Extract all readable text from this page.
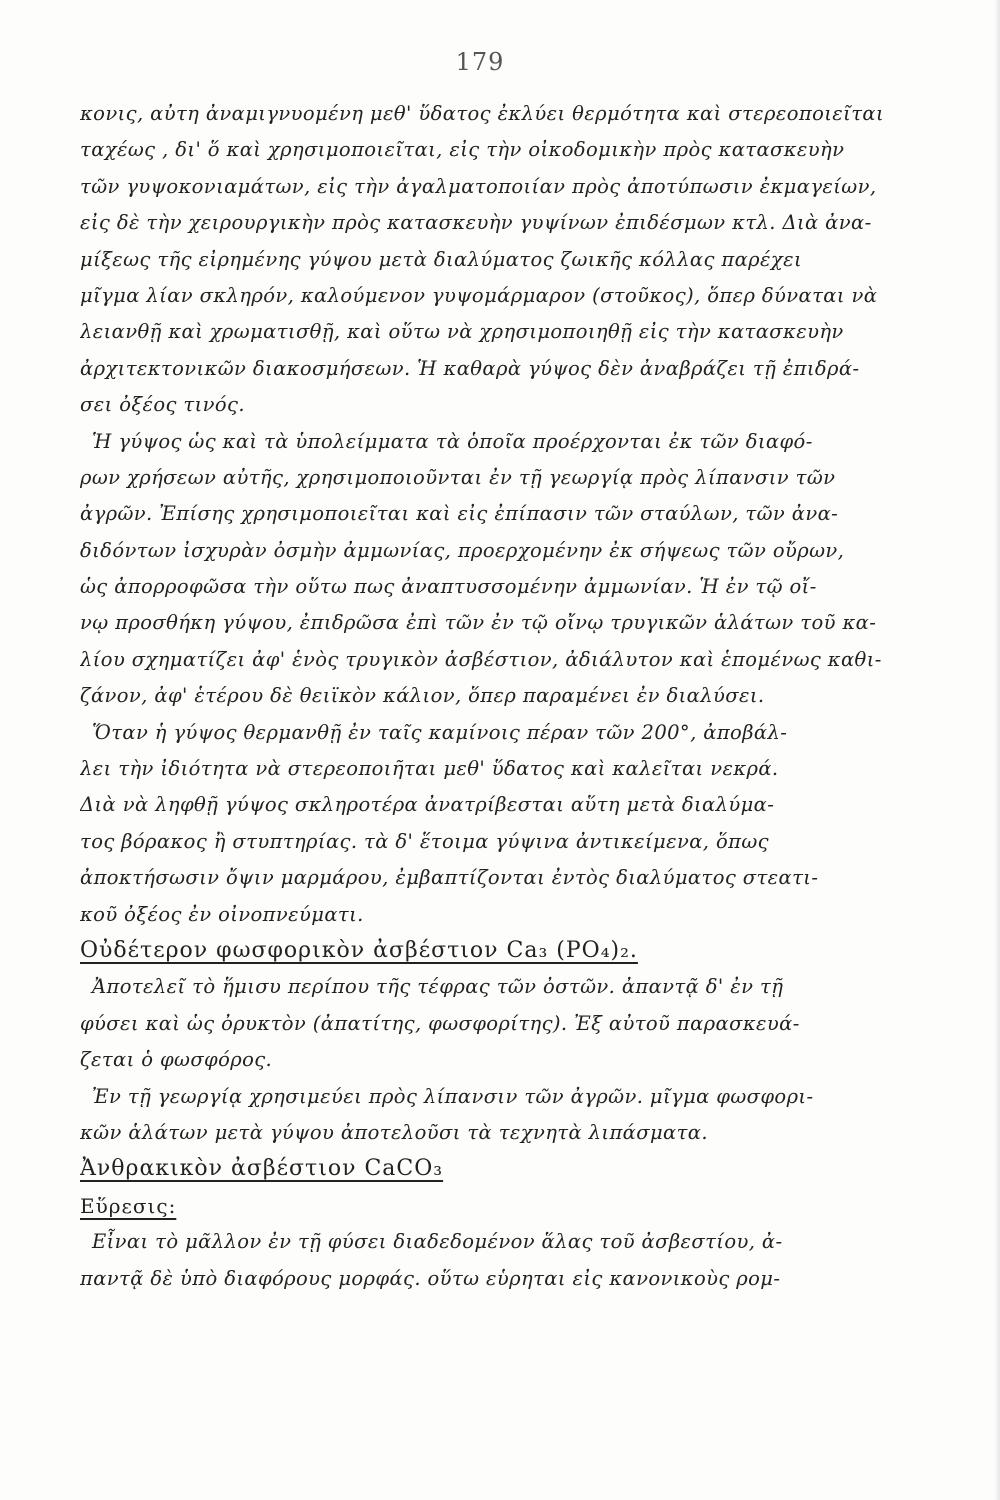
179
κονις, αὐτη ἀναμιγνυομένη μεθ' ὕδατος ἐκλύει θερμότητα καὶ στερεοποιεῖται
ταχέως , δι' ὅ καὶ χρησιμοποιεῖται, εἰς τὴν οἰκοδομικὴν πρὸς κατασκευὴν
τῶν γυψοκονιαμάτων, εἰς τὴν ἀγαλματοποιίαν πρὸς ἀποτύπωσιν ἐκμαγείων,
εἰς δὲ τὴν χειρουργικὴν πρὸς κατασκευὴν γυψίνων ἐπιδέσμων κτλ. Διὰ ἀνα-
μίξεως τῆς εἰρημένης γύψου μετὰ διαλύματος ζωικῆς κόλλας παρέχει
μῖγμα λίαν σκληρόν, καλούμενον γυψομάρμαρον (στοῦκος), ὅπερ δύναται νὰ
λειανθῇ καὶ χρωματισθῇ, καὶ οὕτω νὰ χρησιμοποιηθῇ εἰς τὴν κατασκευὴν
ἀρχιτεκτονικῶν διακοσμήσεων. Ἡ καθαρὰ γύψος δὲν ἀναβράζει τῇ ἐπιδρά-
σει ὀξέος τινός.
Ἡ γύψος ὡς καὶ τὰ ὑπολείμματα τὰ ὁποῖα προέρχονται ἐκ τῶν διαφό-
ρων χρήσεων αὐτῆς, χρησιμοποιοῦνται ἐν τῇ γεωργίᾳ πρὸς λίπανσιν τῶν
ἀγρῶν. Ἐπίσης χρησιμοποιεῖται καὶ εἰς ἐπίπασιν τῶν σταύλων, τῶν ἀνα-
διδόντων ἰσχυρὰν ὀσμὴν ἀμμωνίας, προερχομένην ἐκ σήψεως τῶν οὔρων,
ὡς ἀπορροφῶσα τὴν οὕτω πως ἀναπτυσσομένην ἀμμωνίαν. Ἡ ἐν τῷ οἴ-
νῳ προσθήκη γύψου, ἐπιδρῶσα ἐπὶ τῶν ἐν τῷ οἴνῳ τρυγικῶν ἁλάτων τοῦ κα-
λίου σχηματίζει ἀφ' ἑνὸς τρυγικὸν ἀσβέστιον, ἀδιάλυτον καὶ ἑπομένως καθι-
ζάνον, ἀφ' ἑτέρου δὲ θειϊκὸν κάλιον, ὅπερ παραμένει ἐν διαλύσει.
Ὅταν ἡ γύψος θερμανθῇ ἐν ταῖς καμίνοις πέραν τῶν 200°, ἀποβάλ-
λει τὴν ἰδιότητα νὰ στερεοποιῆται μεθ' ὕδατος καὶ καλεῖται νεκρά.
Διὰ νὰ ληφθῇ γύψος σκληροτέρα ἀνατρίβεσται αὕτη μετὰ διαλύμα-
τος βόρακος ἢ στυπτηρίας. τὰ δ' ἕτοιμα γύψινα ἀντικείμενα, ὅπως
ἀποκτήσωσιν ὄψιν μαρμάρου, ἐμβαπτίζονται ἐντὸς διαλύματος στεατι-
κοῦ ὀξέος ἐν οἰνοπνεύματι.
Οὐδέτερον φωσφορικὸν ἀσβέστιον Ca₃ (PO₄)₂.
Ἀποτελεῖ τὸ ἥμισυ περίπου τῆς τέφρας τῶν ὀστῶν. ἀπαντᾷ δ' ἐν τῇ
φύσει καὶ ὡς ὀρυκτὸν (ἀπατίτης, φωσφορίτης). Ἐξ αὐτοῦ παρασκευά-
ζεται ὁ φωσφόρος.
Ἐν τῇ γεωργίᾳ χρησιμεύει πρὸς λίπανσιν τῶν ἀγρῶν. μῖγμα φωσφορι-
κῶν ἁλάτων μετὰ γύψου ἀποτελοῦσι τὰ τεχνητὰ λιπάσματα.
Ἀνθρακικὸν ἀσβέστιον CaCO₃
Εὕρεσις:
Εἶναι τὸ μᾶλλον ἐν τῇ φύσει διαδεδομένον ἅλας τοῦ ἀσβεστίου, ἀ-
παντᾷ δὲ ὑπὸ διαφόρους μορφάς. οὕτω εὑρηται εἰς κανονικοὺς ρομ-
